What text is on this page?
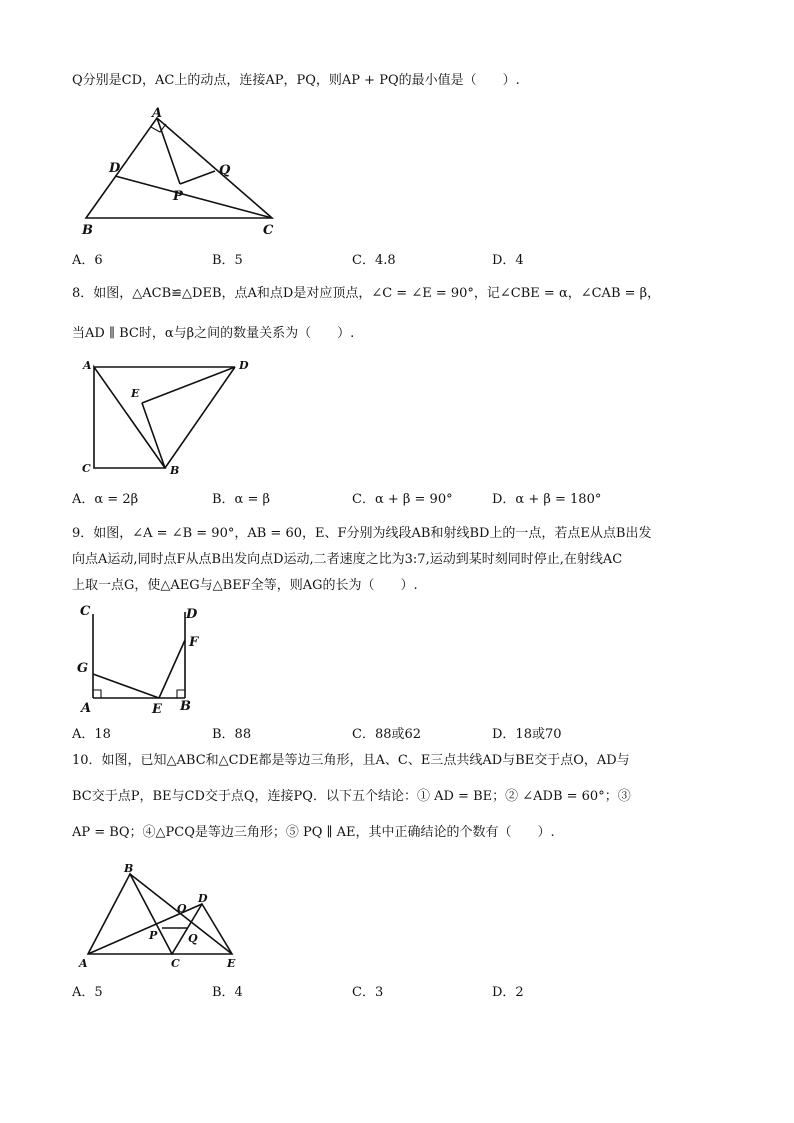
Q分别是CD，AC上的动点，连接AP，PQ，则AP + PQ的最小值是（　　）.
A
B	C
D
P
Q
A．6	B．5	C．4.8	D．4
8．如图，△ACB≌△DEB，点A和点D是对应顶点，∠C = ∠E = 90°，记∠CBE = α，∠CAB = β，
当AD ∥ BC时，α与β之间的数量关系为（　　）.
A	D
C	B
E
A．α = 2β	B．α = β	C．α + β = 90°	D．α + β = 180°
9．如图，∠A = ∠B = 90°，AB = 60，E、F分别为线段AB和射线BD上的一点，若点E从点B出发
向点A运动,同时点F从点B出发向点D运动,二者速度之比为3:7,运动到某时刻同时停止,在射线AC
上取一点G，使△AEG与△BEF全等，则AG的长为（　　）.
C	D
F
G
A	E B
A．18	B．88	C．88或62	D．18或70
10．如图，已知△ABC和△CDE都是等边三角形，且A、C、E三点共线AD与BE交于点O，AD与
BC交于点P，BE与CD交于点Q，连接PQ．以下五个结论：① AD = BE；② ∠ADB = 60°；③
AP = BQ；④△PCQ是等边三角形；⑤ PQ ∥ AE，其中正确结论的个数有（　　）.
B
A	C	E
D
O
P	Q
A．5	B．4	C．3	D．2
